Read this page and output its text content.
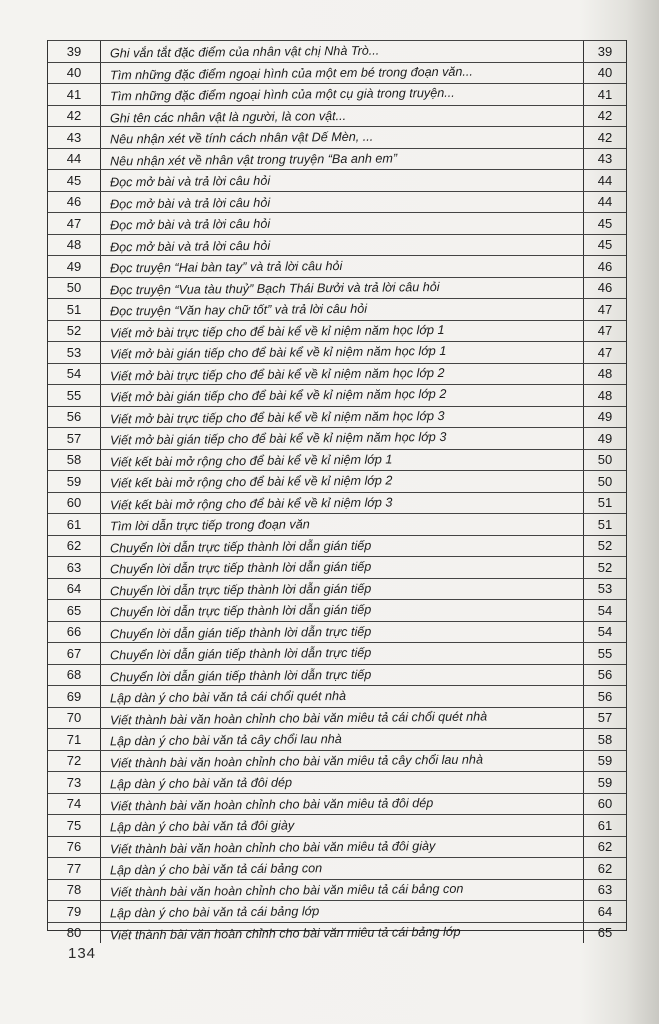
39	Ghi vắn tắt đặc điểm của nhân vật chị Nhà Trò...	39
40	Tìm những đặc điểm ngoại hình của một em bé trong đoạn văn...	40
41	Tìm những đặc điểm ngoại hình của một cụ già trong truyện...	41
42	Ghi tên các nhân vật là người, là con vật...	42
43	Nêu nhận xét về tính cách nhân vật Dế Mèn, ...	42
44	Nêu nhận xét về nhân vật trong truyện “Ba anh em”	43
45	Đọc mở bài và trả lời câu hỏi	44
46	Đọc mở bài và trả lời câu hỏi	44
47	Đọc mở bài và trả lời câu hỏi	45
48	Đọc mở bài và trả lời câu hỏi	45
49	Đọc truyện “Hai bàn tay” và trả lời câu hỏi	46
50	Đọc truyện “Vua tàu thuỷ” Bạch Thái Bưởi và trả lời câu hỏi	46
51	Đọc truyện “Văn hay chữ tốt” và trả lời câu hỏi	47
52	Viết mở bài trực tiếp cho để bài kể về kỉ niệm năm học lớp 1	47
53	Viết mở bài gián tiếp cho để bài kể về kỉ niệm năm học lớp 1	47
54	Viết mở bài trực tiếp cho để bài kể về kỉ niệm năm học lớp 2	48
55	Viết mở bài gián tiếp cho để bài kể về kỉ niệm năm học lớp 2	48
56	Viết mở bài trực tiếp cho để bài kể về kỉ niệm năm học lớp 3	49
57	Viết mở bài gián tiếp cho để bài kể về kỉ niệm năm học lớp 3	49
58	Viết kết bài mở rộng cho để bài kể về kỉ niệm lớp 1	50
59	Viết kết bài mở rộng cho để bài kể về kỉ niệm lớp 2	50
60	Viết kết bài mở rộng cho để bài kể về kỉ niệm lớp 3	51
61	Tìm lời dẫn trực tiếp trong đoạn văn	51
62	Chuyển lời dẫn trực tiếp thành lời dẫn gián tiếp	52
63	Chuyển lời dẫn trực tiếp thành lời dẫn gián tiếp	52
64	Chuyển lời dẫn trực tiếp thành lời dẫn gián tiếp	53
65	Chuyển lời dẫn trực tiếp thành lời dẫn gián tiếp	54
66	Chuyển lời dẫn gián tiếp thành lời dẫn trực tiếp	54
67	Chuyển lời dẫn gián tiếp thành lời dẫn trực tiếp	55
68	Chuyển lời dẫn gián tiếp thành lời dẫn trực tiếp	56
69	Lập dàn ý cho bài văn tả cái chổi quét nhà	56
70	Viết thành bài văn hoàn chỉnh cho bài văn miêu tả cái chổi quét nhà	57
71	Lập dàn ý cho bài văn tả cây chổi lau nhà	58
72	Viết thành bài văn hoàn chỉnh cho bài văn miêu tả cây chổi lau nhà	59
73	Lập dàn ý cho bài văn tả đôi dép	59
74	Viết thành bài văn hoàn chỉnh cho bài văn miêu tả đôi dép	60
75	Lập dàn ý cho bài văn tả đôi giày	61
76	Viết thành bài văn hoàn chỉnh cho bài văn miêu tả đôi giày	62
77	Lập dàn ý cho bài văn tả cái bảng con	62
78	Viết thành bài văn hoàn chỉnh cho bài văn miêu tả cái bảng con	63
79	Lập dàn ý cho bài văn tả cái bảng lớp	64
80	Viết thành bài văn hoàn chỉnh cho bài văn miêu tả cái bảng lớp	65
134
